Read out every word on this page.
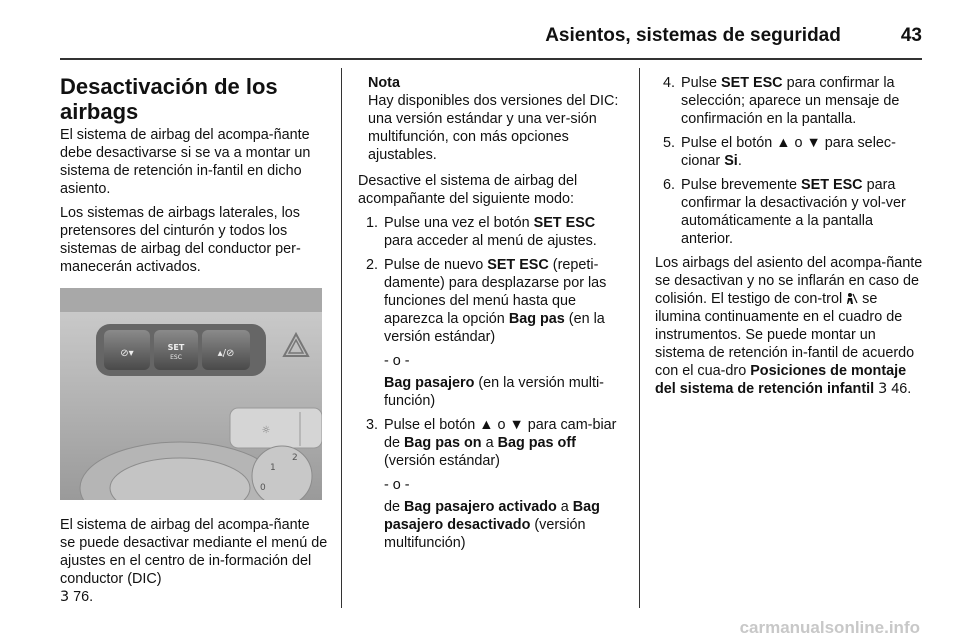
Asientos, sistemas de seguridad	43
Desactivación de los airbags

El sistema de airbag del acompa-ñante debe desactivarse si se va a montar un sistema de retención in-fantil en dicho asiento.

Los sistemas de airbags laterales, los pretensores del cinturón y todos los sistemas de airbag del conductor per-manecerán activados.

⊘▾
SET
ESC	▴/⊘
☼
1
2
0

El sistema de airbag del acompa-ñante se puede desactivar mediante el menú de ajustes en el centro de in-formación del conductor (DIC)
3 76.

Nota
Hay disponibles dos versiones del DIC: una versión estándar y una ver-sión multifunción, con más opciones ajustables.

Desactive el sistema de airbag del acompañante del siguiente modo:

1. Pulse una vez el botón SET ESC para acceder al menú de ajustes.
2. Pulse de nuevo SET ESC (repeti-damente) para desplazarse por las funciones del menú hasta que aparezca la opción Bag pas (en la versión estándar)
- o -
Bag pasajero (en la versión multi-función)
3. Pulse el botón ▲ o ▼ para cam-biar de Bag pas on a Bag pas off (versión estándar)
- o -
de Bag pasajero activado a Bag pasajero desactivado (versión multifunción)
4. Pulse SET ESC para confirmar la selección; aparece un mensaje de confirmación en la pantalla.
5. Pulse el botón ▲ o ▼ para selec-cionar Si.
6. Pulse brevemente SET ESC para confirmar la desactivación y vol-ver automáticamente a la pantalla anterior.

Los airbags del asiento del acompa-ñante se desactivan y no se inflarán en caso de colisión. El testigo de con-trol  se ilumina continuamente en el cuadro de instrumentos. Se puede montar un sistema de retención in-fantil de acuerdo con el cua-dro Posiciones de montaje del sistema de retención infantil 3 46.

carmanualsonline.info
